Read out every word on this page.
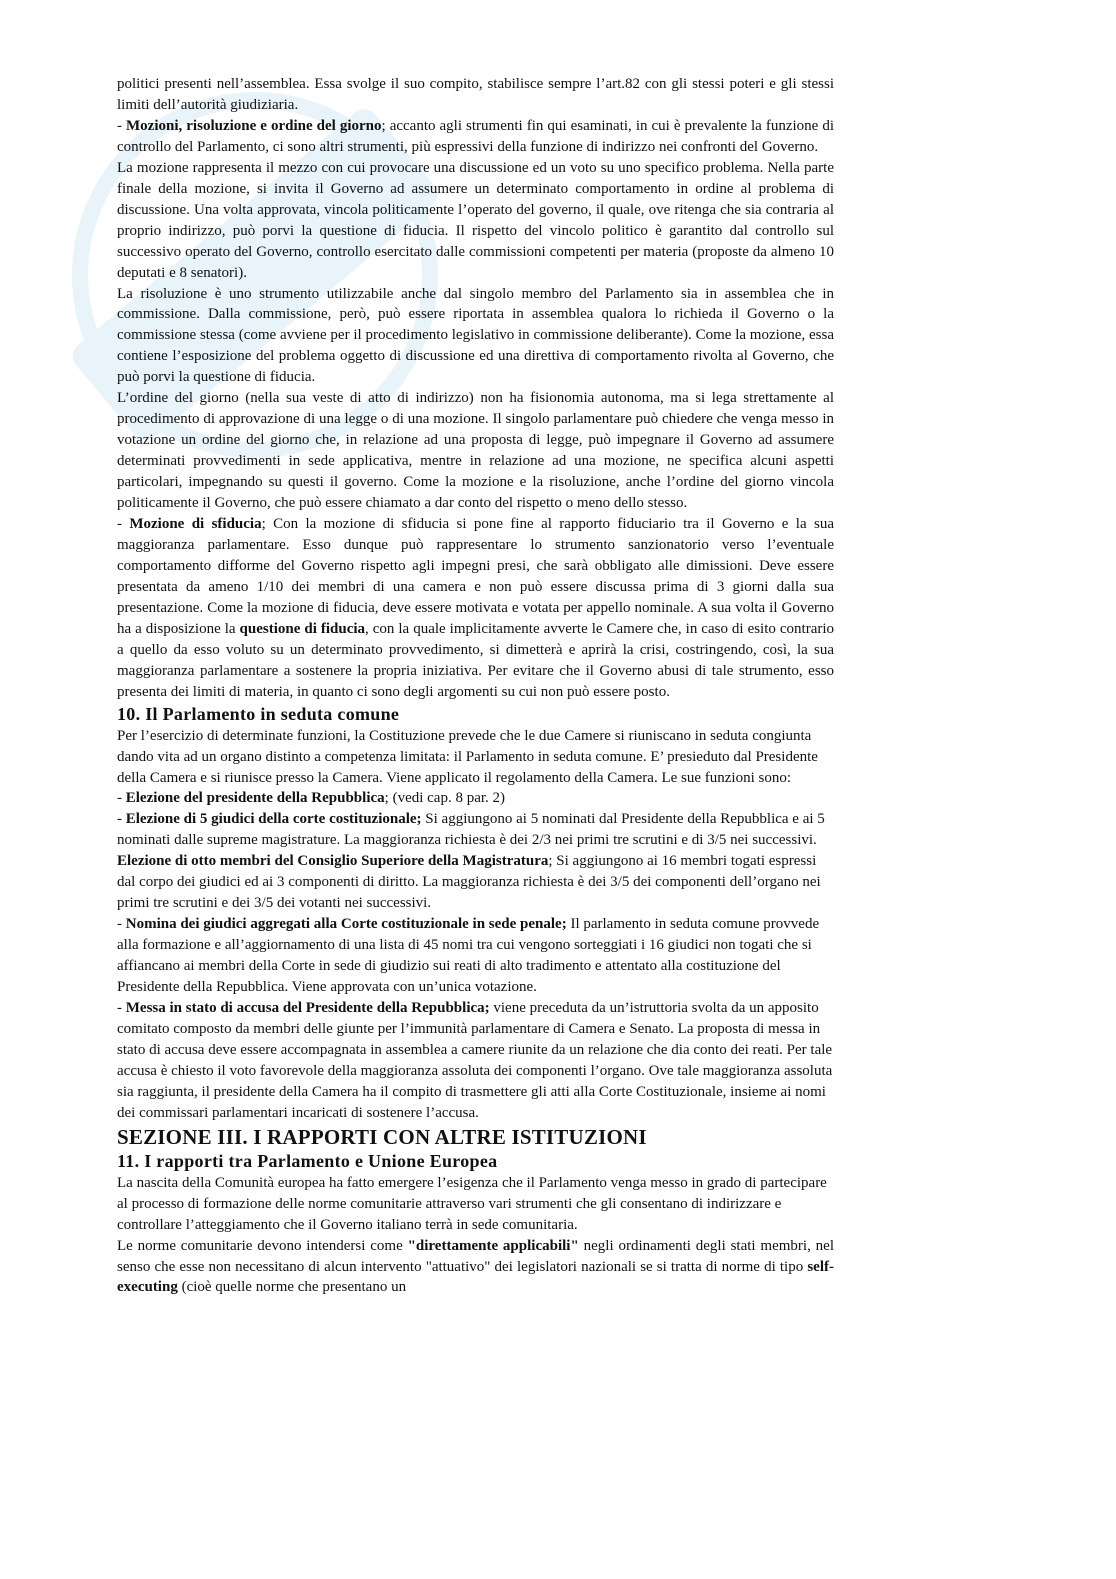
politici presenti nell’assemblea. Essa svolge il suo compito, stabilisce sempre l’art.82 con gli stessi poteri e gli stessi limiti dell’autorità giudiziaria.

- Mozioni, risoluzione e ordine del giorno; accanto agli strumenti fin qui esaminati, in cui è prevalente la funzione di controllo del Parlamento, ci sono altri strumenti, più espressivi della funzione di indirizzo nei confronti del Governo.

La mozione rappresenta il mezzo con cui provocare una discussione ed un voto su uno specifico problema. Nella parte finale della mozione, si invita il Governo ad assumere un determinato comportamento in ordine al problema di discussione. Una volta approvata, vincola politicamente l’operato del governo, il quale, ove ritenga che sia contraria al proprio indirizzo, può porvi la questione di fiducia. Il rispetto del vincolo politico è garantito dal controllo sul successivo operato del Governo, controllo esercitato dalle commissioni competenti per materia (proposte da almeno 10 deputati e 8 senatori).

La risoluzione è uno strumento utilizzabile anche dal singolo membro del Parlamento sia in assemblea che in commissione. Dalla commissione, però, può essere riportata in assemblea qualora lo richieda il Governo o la commissione stessa (come avviene per il procedimento legislativo in commissione deliberante). Come la mozione, essa contiene l’esposizione del problema oggetto di discussione ed una direttiva di comportamento rivolta al Governo, che può porvi la questione di fiducia.

L’ordine del giorno (nella sua veste di atto di indirizzo) non ha fisionomia autonoma, ma si lega strettamente al procedimento di approvazione di una legge o di una mozione. Il singolo parlamentare può chiedere che venga messo in votazione un ordine del giorno che, in relazione ad una proposta di legge, può impegnare il Governo ad assumere determinati provvedimenti in sede applicativa, mentre in relazione ad una mozione, ne specifica alcuni aspetti particolari, impegnando su questi il governo. Come la mozione e la risoluzione, anche l’ordine del giorno vincola politicamente il Governo, che può essere chiamato a dar conto del rispetto o meno dello stesso.

- Mozione di sfiducia; Con la mozione di sfiducia si pone fine al rapporto fiduciario tra il Governo e la sua maggioranza parlamentare. Esso dunque può rappresentare lo strumento sanzionatorio verso l’eventuale comportamento difforme del Governo rispetto agli impegni presi, che sarà obbligato alle dimissioni. Deve essere presentata da ameno 1/10 dei membri di una camera e non può essere discussa prima di 3 giorni dalla sua presentazione. Come la mozione di fiducia, deve essere motivata e votata per appello nominale. A sua volta il Governo ha a disposizione la questione di fiducia, con la quale implicitamente avverte le Camere che, in caso di esito contrario a quello da esso voluto su un determinato provvedimento, si dimetterà e aprirà la crisi, costringendo, così, la sua maggioranza parlamentare a sostenere la propria iniziativa. Per evitare che il Governo abusi di tale strumento, esso presenta dei limiti di materia, in quanto ci sono degli argomenti su cui non può essere posto.

10. Il Parlamento in seduta comune

Per l’esercizio di determinate funzioni, la Costituzione prevede che le due Camere si riuniscano in seduta congiunta dando vita ad un organo distinto a competenza limitata: il Parlamento in seduta comune. E’ presieduto dal Presidente della Camera e si riunisce presso la Camera. Viene applicato il regolamento della Camera. Le sue funzioni sono:

- Elezione del presidente della Repubblica; (vedi cap. 8 par. 2)

- Elezione di 5 giudici della corte costituzionale; Si aggiungono ai 5 nominati dal Presidente della Repubblica e ai 5 nominati dalle supreme magistrature. La maggioranza richiesta è dei 2/3 nei primi tre scrutini e di 3/5 nei successivi.

Elezione di otto membri del Consiglio Superiore della Magistratura; Si aggiungono ai 16 membri togati espressi dal corpo dei giudici ed ai 3 componenti di diritto. La maggioranza richiesta è dei 3/5 dei componenti dell’organo nei primi tre scrutini e dei 3/5 dei votanti nei successivi.

- Nomina dei giudici aggregati alla Corte costituzionale in sede penale; Il parlamento in seduta comune provvede alla formazione e all’aggiornamento di una lista di 45 nomi tra cui vengono sorteggiati i 16 giudici non togati che si affiancano ai membri della Corte in sede di giudizio sui reati di alto tradimento e attentato alla costituzione del Presidente della Repubblica. Viene approvata con un’unica votazione.

- Messa in stato di accusa del Presidente della Repubblica; viene preceduta da un’istruttoria svolta da un apposito comitato composto da membri delle giunte per l’immunità parlamentare di Camera e Senato. La proposta di messa in stato di accusa deve essere accompagnata in assemblea a camere riunite da un relazione che dia conto dei reati. Per tale accusa è chiesto il voto favorevole della maggioranza assoluta dei componenti l’organo. Ove tale maggioranza assoluta sia raggiunta, il presidente della Camera ha il compito di trasmettere gli atti alla Corte Costituzionale, insieme ai nomi dei commissari parlamentari incaricati di sostenere l’accusa.

SEZIONE III. I RAPPORTI CON ALTRE ISTITUZIONI
11. I rapporti tra Parlamento e Unione Europea

La nascita della Comunità europea ha fatto emergere l’esigenza che il Parlamento venga messo in grado di partecipare al processo di formazione delle norme comunitarie attraverso vari strumenti che gli consentano di indirizzare e controllare l’atteggiamento che il Governo italiano terrà in sede comunitaria.

Le norme comunitarie devono intendersi come "direttamente applicabili" negli ordinamenti degli stati membri, nel senso che esse non necessitano di alcun intervento "attuativo" dei legislatori nazionali se si tratta di norme di tipo self-executing (cioè quelle norme che presentano un
